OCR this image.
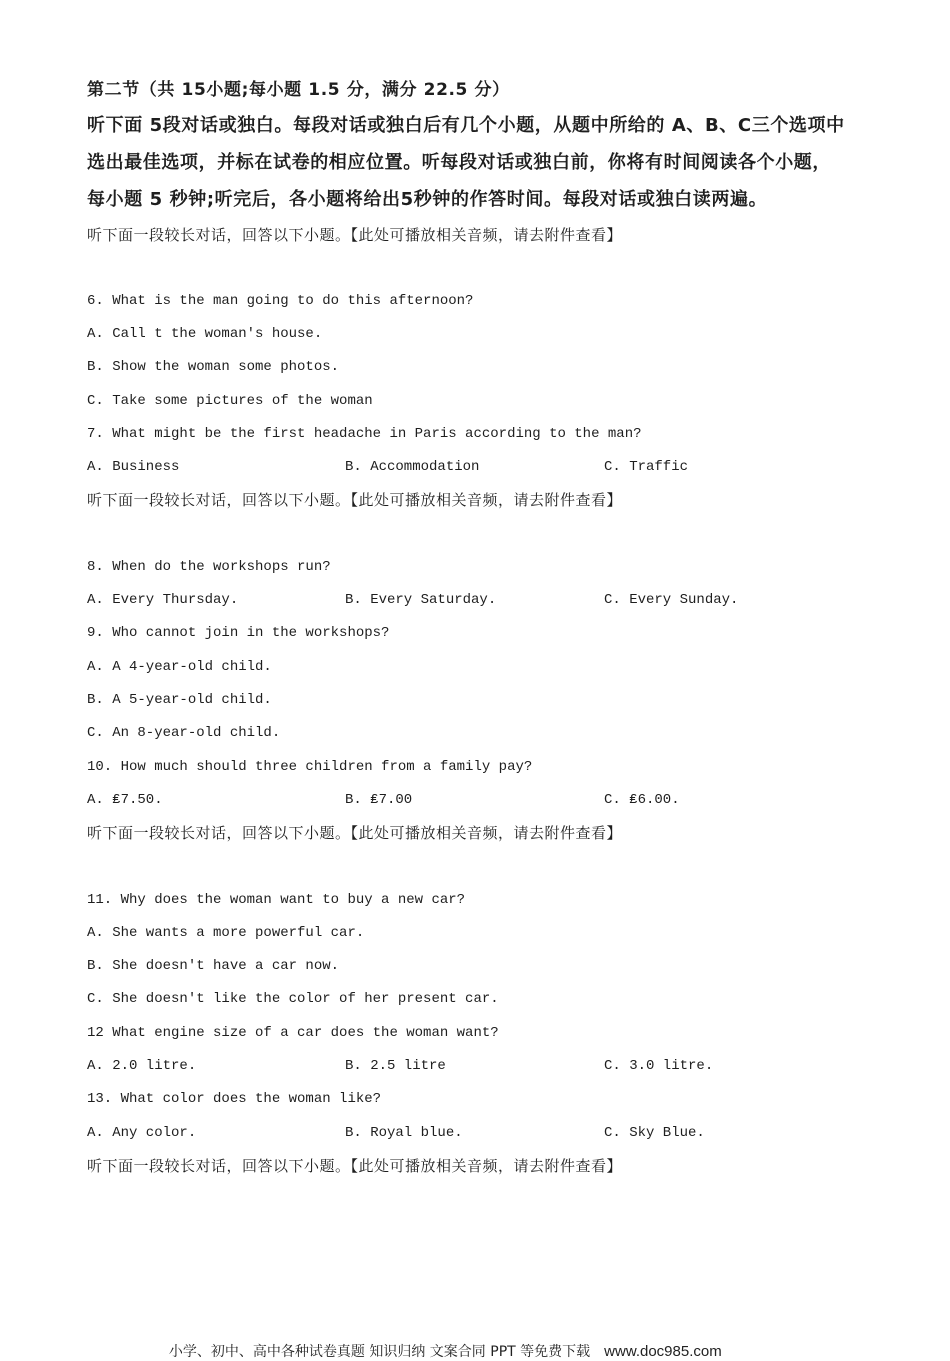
第二节（共 15小题;每小题 1.5 分，满分 22.5 分）
听下面 5段对话或独白。每段对话或独白后有几个小题，从题中所给的 A、B、C三个选项中
选出最佳选项，并标在试卷的相应位置。听每段对话或独白前，你将有时间阅读各个小题，
每小题 5 秒钟;听完后，各小题将给出5秒钟的作答时间。每段对话或独白读两遍。
听下面一段较长对话，回答以下小题。【此处可播放相关音频，请去附件查看】
6. What is the man going to do this afternoon?
A. Call t the woman's house.
B. Show the woman some photos.
C. Take some pictures of the woman
7. What might be the first headache in Paris according to the man?
A. Business	B. Accommodation	C. Traffic
听下面一段较长对话，回答以下小题。【此处可播放相关音频，请去附件查看】
8. When do the workshops run?
A. Every Thursday.	B. Every Saturday.	C. Every Sunday.
9. Who cannot join in the workshops?
A. A 4-year-old child.
B. A 5-year-old child.
C. An 8-year-old child.
10. How much should three children from a family pay?
A. ₤7.50.	B. ₤7.00	C. ₤6.00.
听下面一段较长对话，回答以下小题。【此处可播放相关音频，请去附件查看】
11. Why does the woman want to buy a new car?
A. She wants a more powerful car.
B. She doesn't have a car now.
C. She doesn't like the color of her present car.
12 What engine size of a car does the woman want?
A. 2.0 litre.	B. 2.5 litre	C. 3.0 litre.
13. What color does the woman like?
A. Any color.	B. Royal blue.	C. Sky Blue.
听下面一段较长对话，回答以下小题。【此处可播放相关音频，请去附件查看】

小学、初中、高中各种试卷真题 知识归纳 文案合同 PPT 等免费下载 www.doc985.com
